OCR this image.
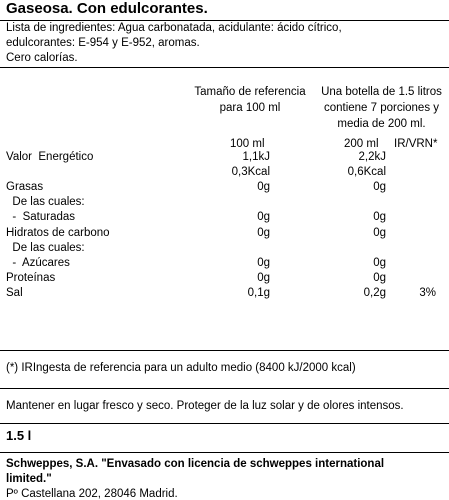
Gaseosa. Con edulcorantes.
Lista de ingredientes: Agua carbonatada, acidulante: ácido cítrico,
edulcorantes: E-954 y E-952, aromas.
Cero calorías.
Tamaño de referencia
para 100 ml
Una botella de 1.5 litros
contiene 7 porciones y
media de 200 ml.
100 ml	200 ml IR/VRN*
Valor  Energético	1,1kJ	2,2kJ
0,3Kcal	0,6Kcal
Grasas	0g	0g
De las cuales:
-  Saturadas	0g	0g
Hidratos de carbono	0g	0g
De las cuales:
-  Azúcares	0g	0g
Proteínas	0g	0g
Sal	0,1g	0,2g	3%
(*) IRIngesta de referencia para un adulto medio (8400 kJ/2000 kcal)
Mantener en lugar fresco y seco. Proteger de la luz solar y de olores intensos.
1.5 l
Schweppes, S.A. "Envasado con licencia de schweppes international
limited."
Pº Castellana 202, 28046 Madrid.
